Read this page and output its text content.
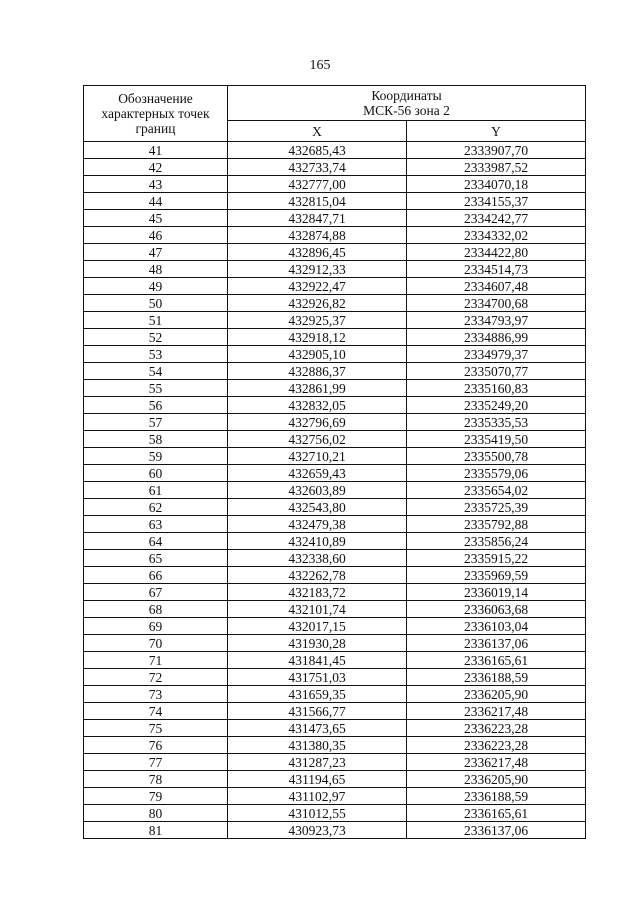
165
Обозначение
характерных точек
границ	Координаты
МСК-56 зона 2	

	X	Y
41	432685,43	2333907,70
42	432733,74	2333987,52
43	432777,00	2334070,18
44	432815,04	2334155,37
45	432847,71	2334242,77
46	432874,88	2334332,02
47	432896,45	2334422,80
48	432912,33	2334514,73
49	432922,47	2334607,48
50	432926,82	2334700,68
51	432925,37	2334793,97
52	432918,12	2334886,99
53	432905,10	2334979,37
54	432886,37	2335070,77
55	432861,99	2335160,83
56	432832,05	2335249,20
57	432796,69	2335335,53
58	432756,02	2335419,50
59	432710,21	2335500,78
60	432659,43	2335579,06
61	432603,89	2335654,02
62	432543,80	2335725,39
63	432479,38	2335792,88
64	432410,89	2335856,24
65	432338,60	2335915,22
66	432262,78	2335969,59
67	432183,72	2336019,14
68	432101,74	2336063,68
69	432017,15	2336103,04
70	431930,28	2336137,06
71	431841,45	2336165,61
72	431751,03	2336188,59
73	431659,35	2336205,90
74	431566,77	2336217,48
75	431473,65	2336223,28
76	431380,35	2336223,28
77	431287,23	2336217,48
78	431194,65	2336205,90
79	431102,97	2336188,59
80	431012,55	2336165,61
81	430923,73	2336137,06
